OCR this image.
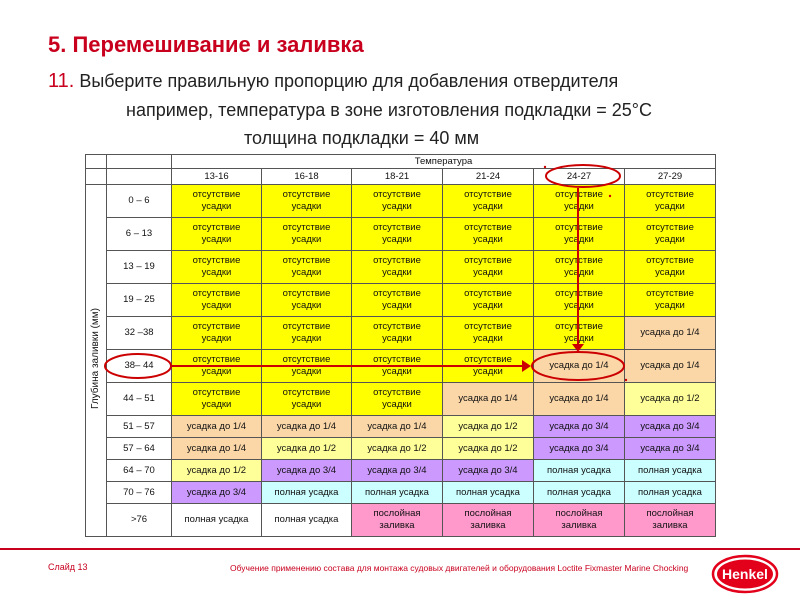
5. Перемешивание и заливка
11. Выберите правильную пропорцию для добавления отвердителя
например, температура в зоне изготовления подкладки = 25°С
толщина подкладки = 40 мм
		Температура					
		13-16	16-18	18-21	21-24	24-27	27-29
Глубина заливки (мм)	0 – 6	отсутствие усадки	отсутствие усадки	отсутствие усадки	отсутствие усадки	отсутствие усадки	отсутствие усадки
	6 – 13	отсутствие усадки	отсутствие усадки	отсутствие усадки	отсутствие усадки	отсутствие усадки	отсутствие усадки
	13 – 19	отсутствие усадки	отсутствие усадки	отсутствие усадки	отсутствие усадки	отсутствие усадки	отсутствие усадки
	19 – 25	отсутствие усадки	отсутствие усадки	отсутствие усадки	отсутствие усадки	отсутствие усадки	отсутствие усадки
	32 –38	отсутствие усадки	отсутствие усадки	отсутствие усадки	отсутствие усадки	отсутствие усадки	усадка до 1/4
	38– 44	отсутствие усадки	отсутствие усадки	отсутствие усадки	отсутствие усадки	усадка до 1/4	усадка до 1/4
	44 – 51	отсутствие усадки	отсутствие усадки	отсутствие усадки	усадка до 1/4	усадка до 1/4	усадка до 1/2
	51 – 57	усадка до 1/4	усадка до 1/4	усадка до 1/4	усадка до 1/2	усадка до 3/4	усадка до 3/4
	57 – 64	усадка до 1/4	усадка до 1/2	усадка до 1/2	усадка до 1/2	усадка до 3/4	усадка до 3/4
	64 – 70	усадка до 1/2	усадка до 3/4	усадка до 3/4	усадка до 3/4	полная усадка	полная усадка
	70 – 76	усадка до 3/4	полная усадка	полная усадка	полная усадка	полная усадка	полная усадка
	>76	полная усадка	полная усадка	послойная заливка	послойная заливка	послойная заливка	послойная заливка
Слайд 13	Обучение применению состава для монтажа судовых двигателей и оборудования Loctite Fixmaster Marine Chocking	Henkel
